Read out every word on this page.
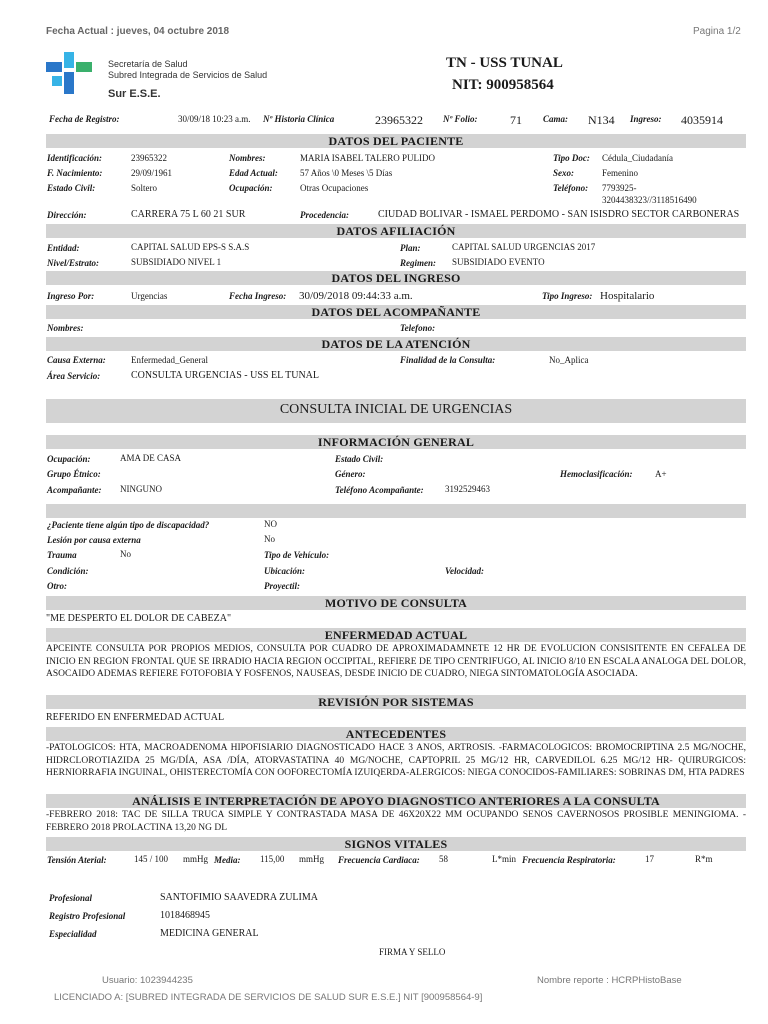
Fecha Actual : jueves, 04 octubre 2018	Pagina 1/2
Secretaría de Salud
Subred Integrada de Servicios de Salud
Sur E.S.E.
TN - USS TUNAL
NIT: 900958564
Fecha de Registro:	30/09/18 10:23 a.m. Nº Historia Clínica	23965322 Nº Folio:	71 Cama: N134 Ingreso: 4035914
DATOS DEL PACIENTE
Identificación:	23965322	Nombres:	MARIA ISABEL TALERO PULIDO	Tipo Doc: Cédula_Ciudadanía
F. Nacimiento:	29/09/1961	Edad Actual: 57 Años \0 Meses \5 Días	Sexo:	Femenino
Estado Civil:	Soltero	Ocupación:	Otras Ocupaciones	Teléfono: 7793925-
3204438323//3118516490
Dirección:	CARRERA 75 L 60 21 SUR	Procedencia:	CIUDAD BOLIVAR - ISMAEL PERDOMO - SAN ISISDRO SECTOR CARBONERAS
DATOS AFILIACIÓN
Entidad:	CAPITAL SALUD EPS-S S.A.S	Plan:	CAPITAL SALUD URGENCIAS 2017
Nivel/Estrato:	SUBSIDIADO NIVEL 1	Regimen: SUBSIDIADO EVENTO
DATOS DEL INGRESO
Ingreso Por:	Urgencias	Fecha Ingreso: 30/09/2018 09:44:33 a.m.	Tipo Ingreso: Hospitalario
DATOS DEL ACOMPAÑANTE
Nombres:	Telefono:
DATOS DE LA ATENCIÓN
Causa Externa:	Enfermedad_General	Finalidad de la Consulta:	No_Aplica
Área Servicio:	CONSULTA URGENCIAS - USS EL TUNAL
CONSULTA INICIAL DE URGENCIAS
INFORMACIÓN GENERAL
Ocupación:	AMA DE CASA	Estado Civil:
Grupo Étnico:	Género:	Hemoclasificación:	A+
Acompañante: NINGUNO	Teléfono Acompañante: 3192529463
¿Paciente tiene algún tipo de discapacidad?	NO
Lesión por causa externa	No
Trauma	No	Tipo de Vehículo:
Condición:	Ubicación:	Velocidad:
Otro:	Proyectil:
MOTIVO DE CONSULTA
"ME DESPERTO EL DOLOR DE CABEZA"
ENFERMEDAD ACTUAL
APCEINTE CONSULTA POR PROPIOS MEDIOS, CONSULTA POR CUADRO DE APROXIMADAMNETE 12 HR DE EVOLUCION CONSISITENTE EN CEFALEA DE INICIO EN REGION FRONTAL QUE SE IRRADIO HACIA REGION OCCIPITAL, REFIERE DE TIPO CENTRIFUGO, AL INICIO 8/10 EN ESCALA ANALOGA DEL DOLOR, ASOCAIDO ADEMAS REFIERE FOTOFOBIA Y FOSFENOS, NAUSEAS, DESDE INICIO DE CUADRO, NIEGA SINTOMATOLOGÍA ASOCIADA.
REVISIÓN POR SISTEMAS
REFERIDO EN ENFERMEDAD ACTUAL
ANTECEDENTES
-PATOLOGICOS: HTA, MACROADENOMA HIPOFISIARIO DIAGNOSTICADO HACE 3 ANOS, ARTROSIS. -FARMACOLOGICOS: BROMOCRIPTINA 2.5 MG/NOCHE, HIDRCLOROTIAZIDA 25 MG/DÍA, ASA /DÍA, ATORVASTATINA 40 MG/NOCHE, CAPTOPRIL 25 MG/12 HR, CARVEDILOL 6.25 MG/12 HR- QUIRURGICOS: HERNIORRAFIA INGUINAL, OHISTERECTOMÍA CON OOFORECTOMÍA IZUIQERDA-ALERGICOS: NIEGA CONOCIDOS-FAMILIARES: SOBRINAS DM, HTA PADRES
ANÁLISIS E INTERPRETACIÓN DE APOYO DIAGNOSTICO ANTERIORES A LA CONSULTA
-FEBRERO 2018: TAC DE SILLA TRUCA SIMPLE Y CONTRASTADA MASA DE 46X20X22 MM OCUPANDO SENOS CAVERNOSOS PROSIBLE MENINGIOMA. -FEBRERO 2018 PROLACTINA 13,20 NG DL
SIGNOS VITALES
Tensión Aterial:	145 / 100 mmHg Media: 115,00 mmHg Frecuencia Cardiaca: 58	L*min Frecuencia Respiratoria:	17	R*m
Profesional	SANTOFIMIO SAAVEDRA ZULIMA
Registro Profesional	1018468945
Especialidad	MEDICINA GENERAL
FIRMA Y SELLO
Usuario: 1023944235	Nombre reporte : HCRPHistoBase
LICENCIADO A: [SUBRED INTEGRADA DE SERVICIOS DE SALUD SUR E.S.E.] NIT [900958564-9]
